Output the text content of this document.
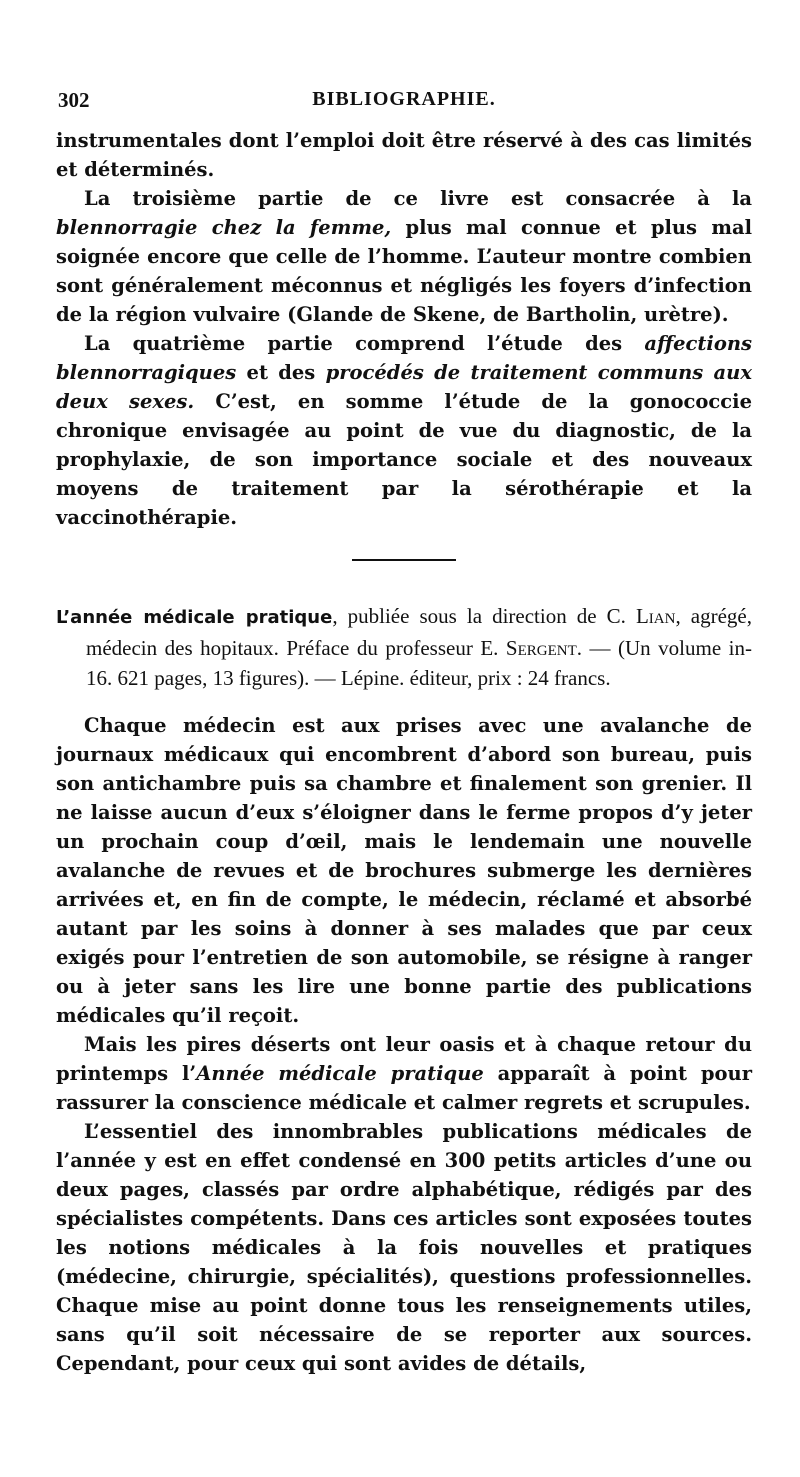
302	BIBLIOGRAPHIE.

instrumentales dont l’emploi doit être réservé à des cas limités et déterminés.

La troisième partie de ce livre est consacrée à la blennorragie chez la femme, plus mal connue et plus mal soignée encore que celle de l’homme. L’auteur montre combien sont généralement méconnus et négligés les foyers d’infection de la région vulvaire (Glande de Skene, de Bartholin, urètre).

La quatrième partie comprend l’étude des affections blennorragiques et des procédés de traitement communs aux deux sexes. C’est, en somme l’étude de la gonococcie chronique envisagée au point de vue du diagnostic, de la prophylaxie, de son importance sociale et des nouveaux moyens de traitement par la sérothérapie et la vaccinothérapie.

L’année médicale pratique, publiée sous la direction de C. Lian, agrégé, médecin des hopitaux. Préface du professeur E. Sergent. — (Un volume in-16. 621 pages, 13 figures). — Lépine. éditeur, prix : 24 francs.

Chaque médecin est aux prises avec une avalanche de journaux médicaux qui encombrent d’abord son bureau, puis son antichambre puis sa chambre et finalement son grenier. Il ne laisse aucun d’eux s’éloigner dans le ferme propos d’y jeter un prochain coup d’œil, mais le lendemain une nouvelle avalanche de revues et de brochures submerge les dernières arrivées et, en fin de compte, le médecin, réclamé et absorbé autant par les soins à donner à ses malades que par ceux exigés pour l’entretien de son automobile, se résigne à ranger ou à jeter sans les lire une bonne partie des publications médicales qu’il reçoit.

Mais les pires déserts ont leur oasis et à chaque retour du printemps l’Année médicale pratique apparaît à point pour rassurer la conscience médicale et calmer regrets et scrupules.

L’essentiel des innombrables publications médicales de l’année y est en effet condensé en 300 petits articles d’une ou deux pages, classés par ordre alphabétique, rédigés par des spécialistes compétents. Dans ces articles sont exposées toutes les notions médicales à la fois nouvelles et pratiques (médecine, chirurgie, spécialités), questions professionnelles. Chaque mise au point donne tous les renseignements utiles, sans qu’il soit nécessaire de se reporter aux sources. Cependant, pour ceux qui sont avides de détails,
